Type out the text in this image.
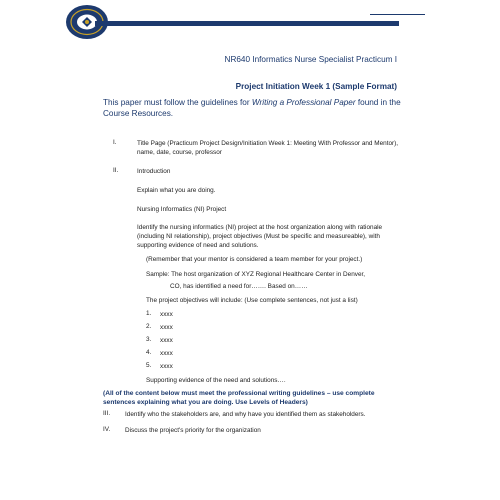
NR640 Informatics Nurse Specialist Practicum I
Project Initiation Week 1 (Sample Format)
This paper must follow the guidelines for Writing a Professional Paper found in the Course Resources.
I.	Title Page (Practicum Project Design/Initiation Week 1: Meeting With Professor and Mentor), name, date, course, professor
II.	Introduction
Explain what you are doing.
Nursing Informatics (NI) Project
Identify the nursing informatics (NI) project at the host organization along with rationale (including NI relationship), project objectives (Must be specific and measureable), with supporting evidence of need and solutions.
(Remember that your mentor is considered a team member for your project.)
Sample: The host organization of XYZ Regional Healthcare Center in Denver,
CO, has identified a need for……. Based on……
The project objectives will include: (Use complete sentences, not just a list)
1. xxxx
2. xxxx
3. xxxx
4. xxxx
5. xxxx
Supporting evidence of the need and solutions….
(All of the content below must meet the professional writing guidelines – use complete sentences explaining what you are doing. Use Levels of Headers)
III. Identify who the stakeholders are, and why have you identified them as stakeholders.
IV. Discuss the project's priority for the organization
